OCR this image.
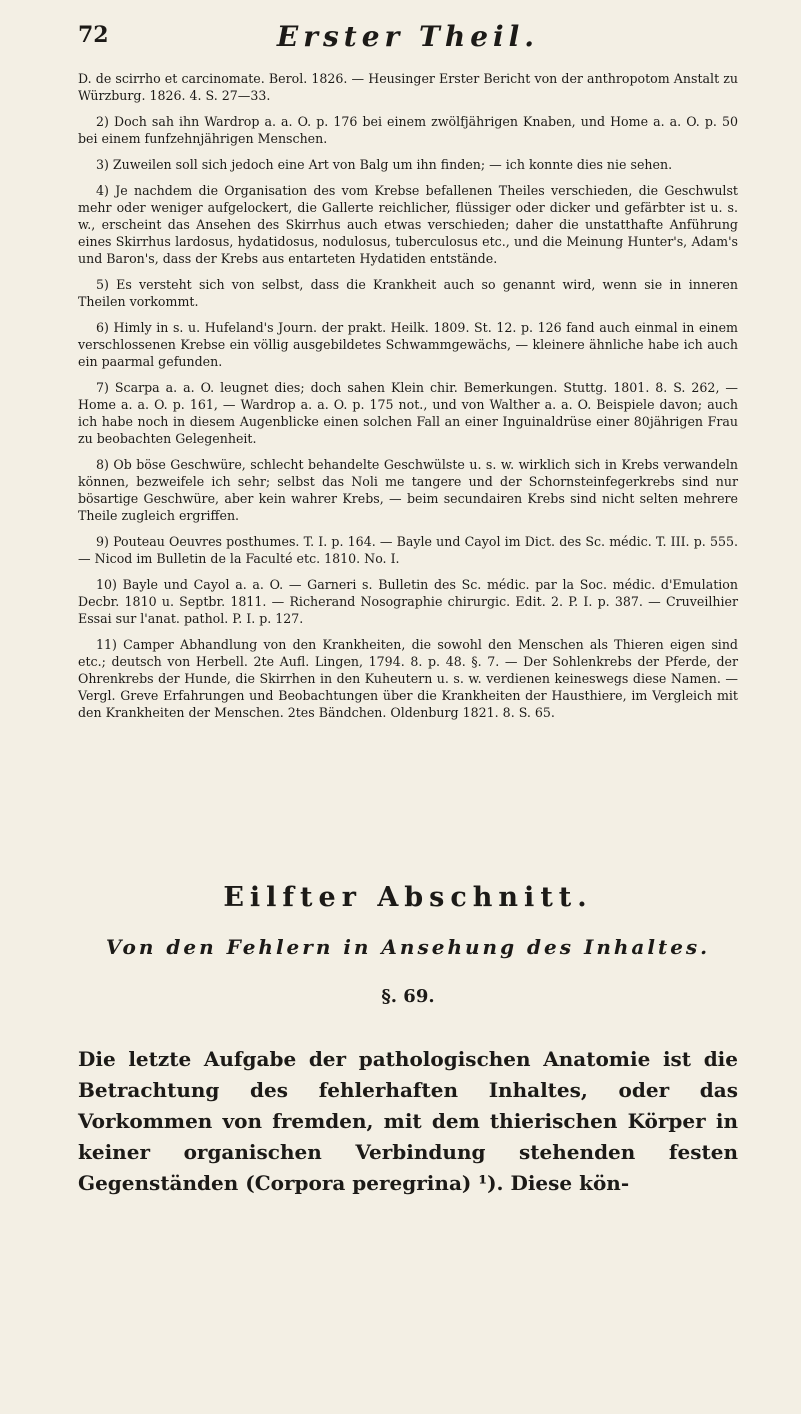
72	Erster Theil.

D. de scirrho et carcinomate. Berol. 1826. — Heusinger Erster Bericht von der anthropotom Anstalt zu Würzburg. 1826. 4. S. 27—33.

2) Doch sah ihn Wardrop a. a. O. p. 176 bei einem zwölfjährigen Knaben, und Home a. a. O. p. 50 bei einem funfzehnjährigen Menschen.

3) Zuweilen soll sich jedoch eine Art von Balg um ihn finden; — ich konnte dies nie sehen.

4) Je nachdem die Organisation des vom Krebse befallenen Theiles verschieden, die Geschwulst mehr oder weniger aufgelockert, die Gallerte reichlicher, flüssiger oder dicker und gefärbter ist u. s. w., erscheint das Ansehen des Skirrhus auch etwas verschieden; daher die unstatthafte Anführung eines Skirrhus lardosus, hydatidosus, nodulosus, tuberculosus etc., und die Meinung Hunter's, Adam's und Baron's, dass der Krebs aus entarteten Hydatiden entstände.

5) Es versteht sich von selbst, dass die Krankheit auch so genannt wird, wenn sie in inneren Theilen vorkommt.

6) Himly in s. u. Hufeland's Journ. der prakt. Heilk. 1809. St. 12. p. 126 fand auch einmal in einem verschlossenen Krebse ein völlig ausgebildetes Schwammgewächs, — kleinere ähnliche habe ich auch ein paarmal gefunden.

7) Scarpa a. a. O. leugnet dies; doch sahen Klein chir. Bemerkungen. Stuttg. 1801. 8. S. 262, — Home a. a. O. p. 161, — Wardrop a. a. O. p. 175 not., und von Walther a. a. O. Beispiele davon; auch ich habe noch in diesem Augenblicke einen solchen Fall an einer Inguinaldrüse einer 80jährigen Frau zu beobachten Gelegenheit.

8) Ob böse Geschwüre, schlecht behandelte Geschwülste u. s. w. wirklich sich in Krebs verwandeln können, bezweifele ich sehr; selbst das Noli me tangere und der Schornsteinfegerkrebs sind nur bösartige Geschwüre, aber kein wahrer Krebs, — beim secundairen Krebs sind nicht selten mehrere Theile zugleich ergriffen.

9) Pouteau Oeuvres posthumes. T. I. p. 164. — Bayle und Cayol im Dict. des Sc. médic. T. III. p. 555. — Nicod im Bulletin de la Faculté etc. 1810. No. I.

10) Bayle und Cayol a. a. O. — Garneri s. Bulletin des Sc. médic. par la Soc. médic. d'Emulation Decbr. 1810 u. Septbr. 1811. — Richerand Nosographie chirurgic. Edit. 2. P. I. p. 387. — Cruveilhier Essai sur l'anat. pathol. P. I. p. 127.

11) Camper Abhandlung von den Krankheiten, die sowohl den Menschen als Thieren eigen sind etc.; deutsch von Herbell. 2te Aufl. Lingen, 1794. 8. p. 48. §. 7. — Der Sohlenkrebs der Pferde, der Ohrenkrebs der Hunde, die Skirrhen in den Kuheutern u. s. w. verdienen keineswegs diese Namen. — Vergl. Greve Erfahrungen und Beobachtungen über die Krankheiten der Hausthiere, im Vergleich mit den Krankheiten der Menschen. 2tes Bändchen. Oldenburg 1821. 8. S. 65.

Eilfter Abschnitt.
Von den Fehlern in Ansehung des Inhaltes.
§. 69.

Die letzte Aufgabe der pathologischen Anatomie ist die Betrachtung des fehlerhaften Inhaltes, oder das Vorkommen von fremden, mit dem thierischen Körper in keiner organischen Verbindung stehenden festen Gegenständen (Corpora peregrina) ¹). Diese kön-
